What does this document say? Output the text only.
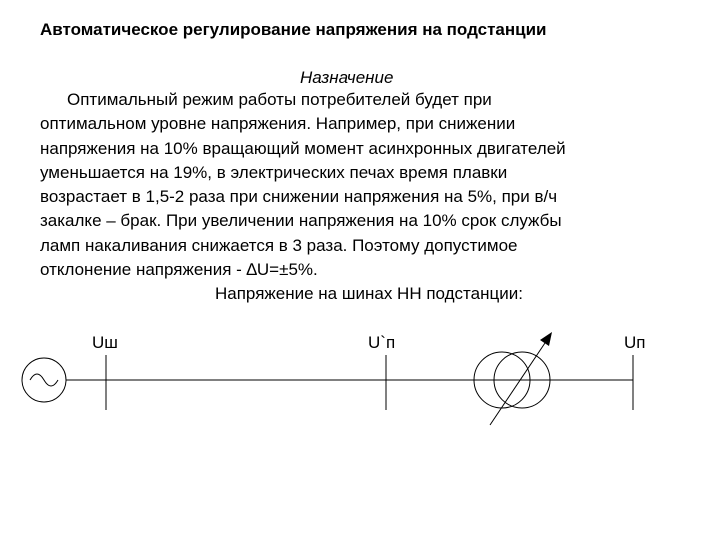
Автоматическое регулирование напряжения на подстанции
Назначение
Оптимальный режим работы потребителей будет при
оптимальном уровне напряжения. Например, при снижении
напряжения на 10% вращающий момент асинхронных двигателей
уменьшается на 19%, в электрических печах время плавки
возрастает в 1,5-2 раза при снижении напряжения на 5%, при в/ч
закалке – брак. При увеличении напряжения на 10% срок службы
ламп накаливания снижается в 3 раза. Поэтому допустимое
отклонение напряжения - ∆U=±5%.
Напряжение на шинах НН подстанции:
Uш	U`п	Uп
